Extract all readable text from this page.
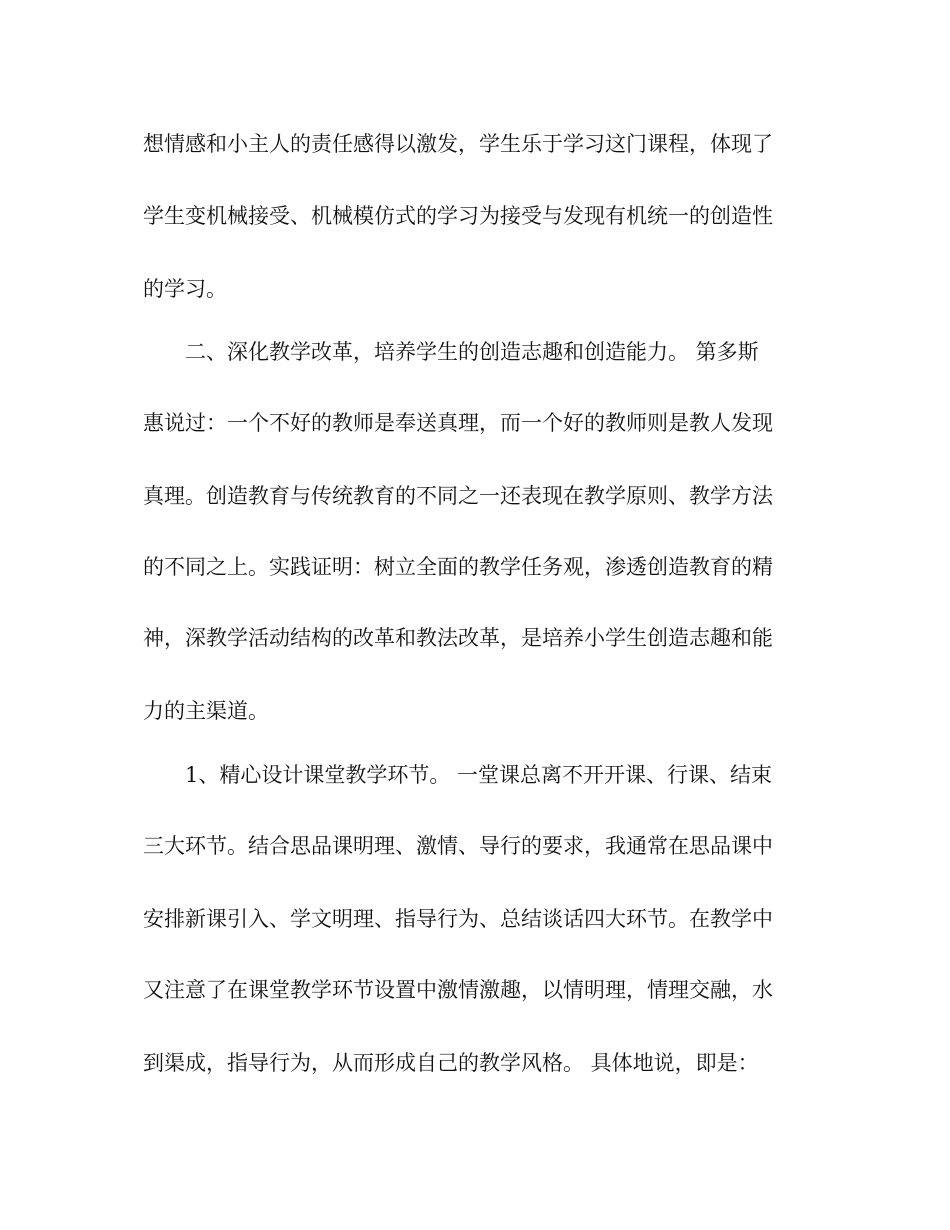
想情感和小主人的责任感得以激发，学生乐于学习这门课程，体现了
学生变机械接受、机械模仿式的学习为接受与发现有机统一的创造性
的学习。
二、深化教学改革，培养学生的创造志趣和创造能力。 第多斯
惠说过：一个不好的教师是奉送真理，而一个好的教师则是教人发现
真理。创造教育与传统教育的不同之一还表现在教学原则、教学方法
的不同之上。实践证明：树立全面的教学任务观，渗透创造教育的精
神，深教学活动结构的改革和教法改革，是培养小学生创造志趣和能
力的主渠道。
1、精心设计课堂教学环节。 一堂课总离不开开课、行课、结束
三大环节。结合思品课明理、激情、导行的要求，我通常在思品课中
安排新课引入、学文明理、指导行为、总结谈话四大环节。在教学中
又注意了在课堂教学环节设置中激情激趣，以情明理，情理交融，水
到渠成，指导行为，从而形成自己的教学风格。 具体地说，即是：
